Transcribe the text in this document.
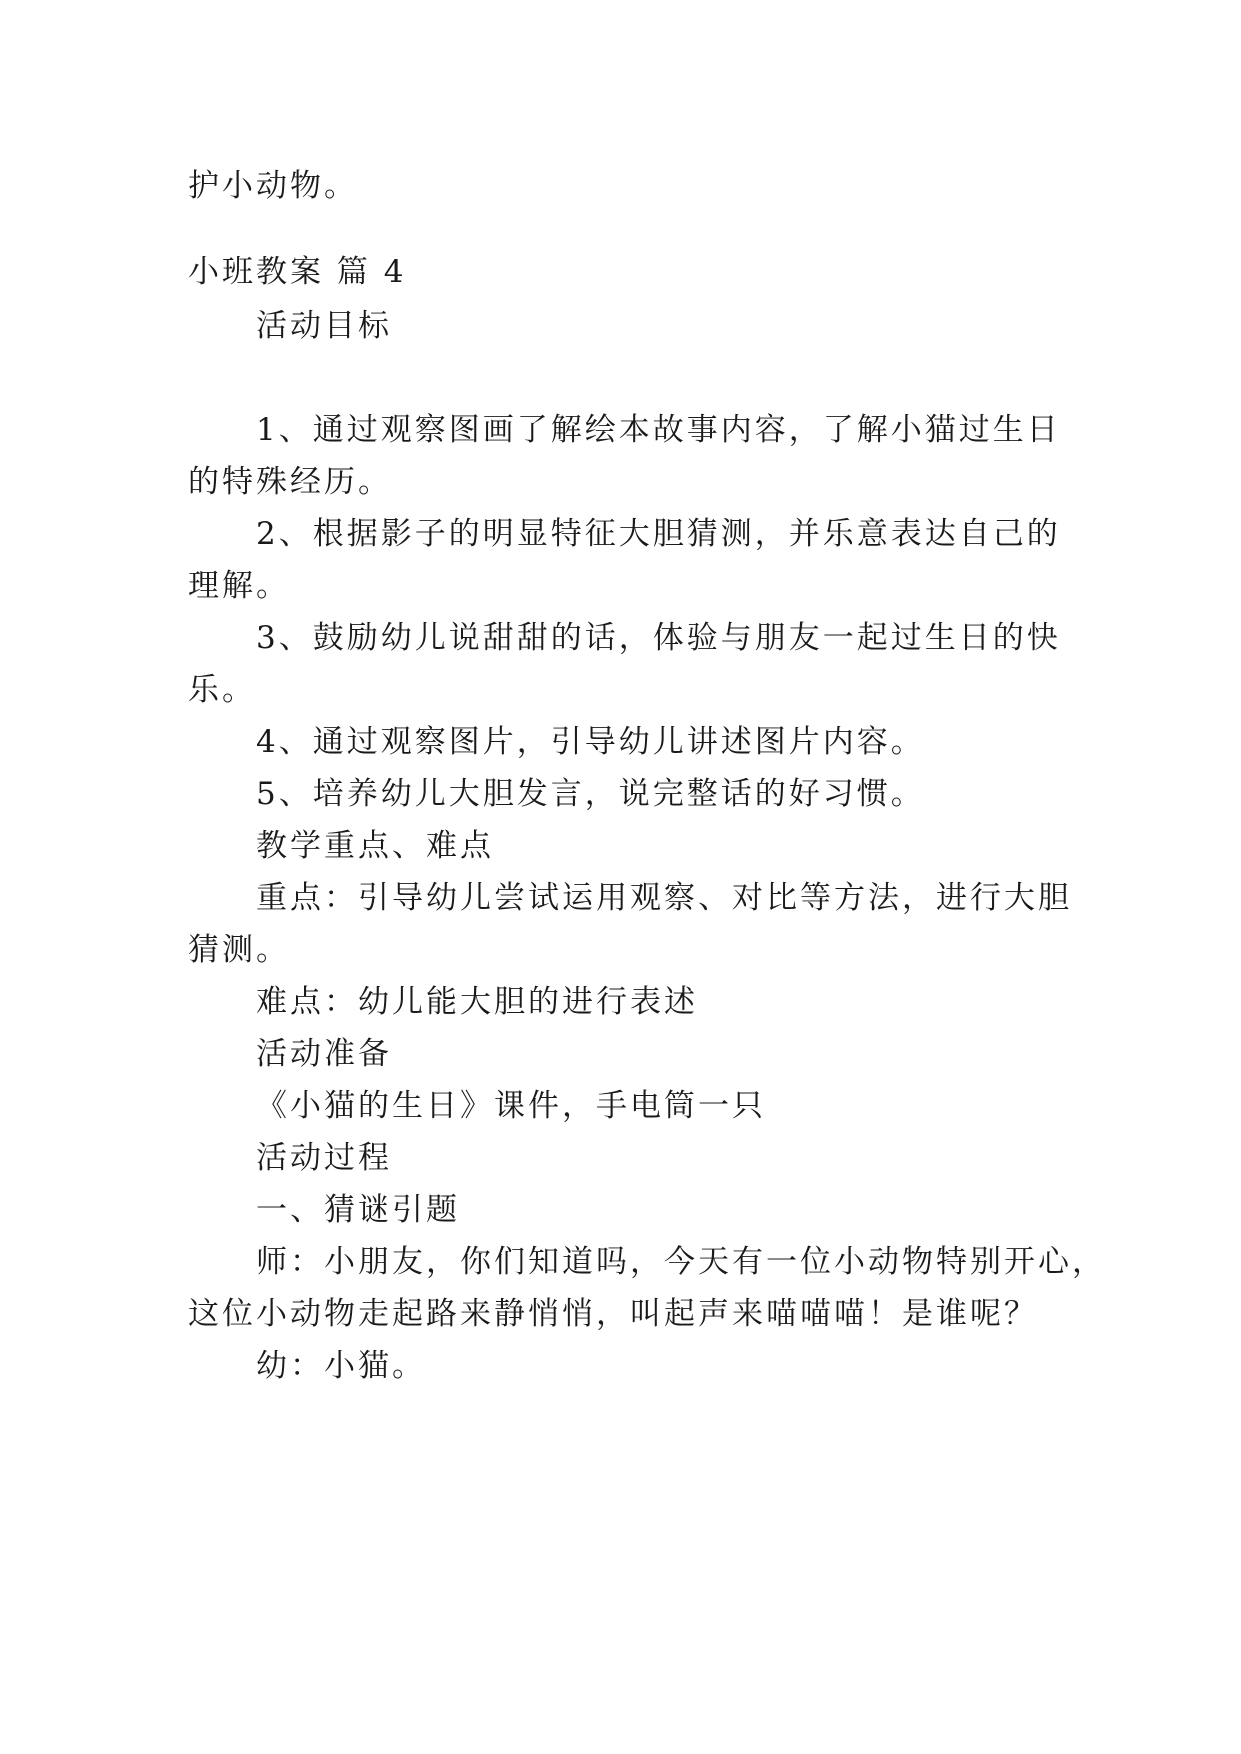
护小动物。
小班教案 篇 4
活动目标
1、通过观察图画了解绘本故事内容，了解小猫过生日
的特殊经历。
2、根据影子的明显特征大胆猜测，并乐意表达自己的
理解。
3、鼓励幼儿说甜甜的话，体验与朋友一起过生日的快
乐。
4、通过观察图片，引导幼儿讲述图片内容。
5、培养幼儿大胆发言，说完整话的好习惯。
教学重点、难点
重点：引导幼儿尝试运用观察、对比等方法，进行大胆
猜测。
难点：幼儿能大胆的进行表述
活动准备
《小猫的生日》课件，手电筒一只
活动过程
一、猜谜引题
师：小朋友，你们知道吗，今天有一位小动物特别开心，
这位小动物走起路来静悄悄，叫起声来喵喵喵！是谁呢？
幼：小猫。
